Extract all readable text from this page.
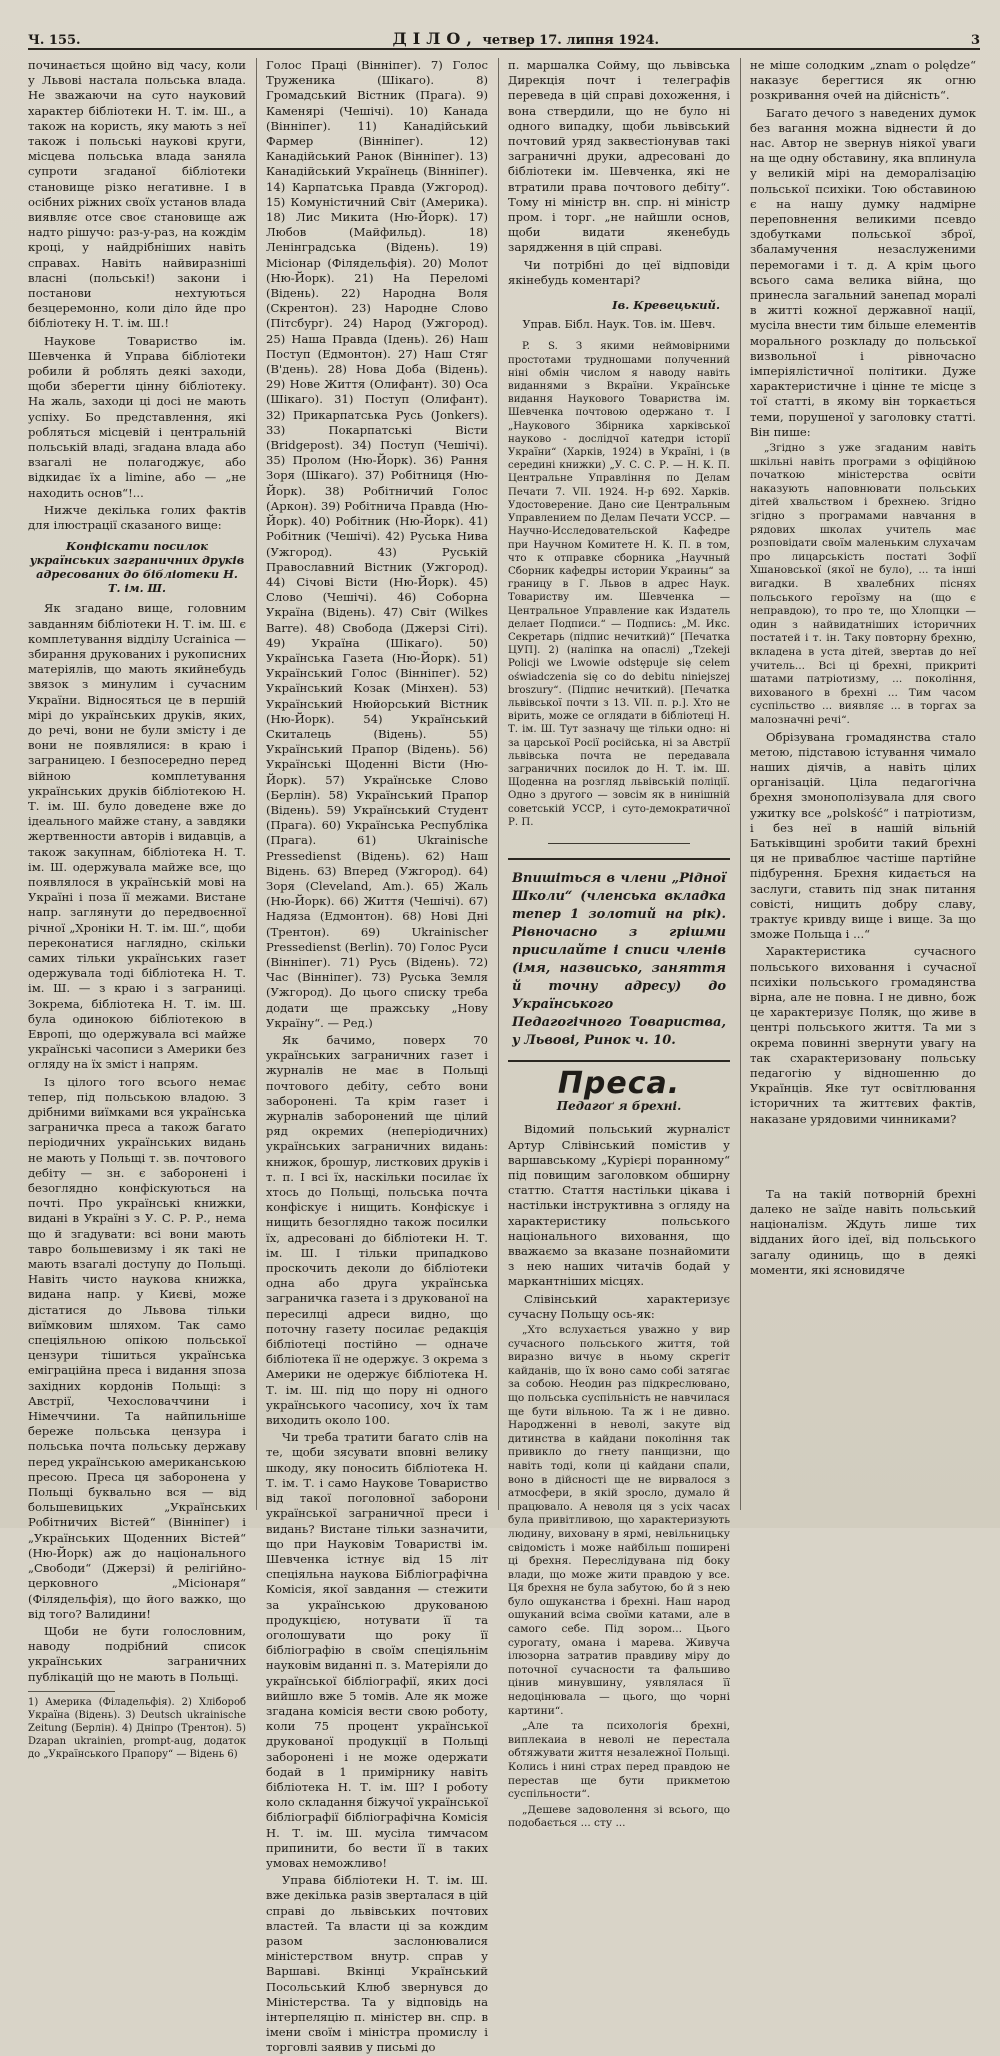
Ч. 155.	ДІЛО, четвер 17. липня 1924.	3

починається щойно від часу, коли у Львові настала польська влада. Не зважаючи на суто науковий характер бібліотеки Н. Т. ім. Ш., а також на користь, яку мають з неї також і польські наукові круги, місцева польська влада заняла супроти згаданої бібліотеки становище різко негативне. І в осібних ріжних своїх установ влада виявляє отсе своє становище аж надто рішучо: раз-у-раз, на кождім кроці, у найдрібніших навіть справах. Навіть найвиразніші власні (польські!) закони і постанови нехтуються безцеремонно, коли ділo йде про бібліотеку Н. Т. ім. Ш.!

Наукове Товариство ім. Шевченка й Управа бібліотеки робили й роблять деякі заходи, щоби зберегти цінну бібліотеку. На жаль, заходи ці досі не мають успіху. Бо представлення, які робляться місцевій і центральній польській владі, згадана влада або взагалі не полагоджує, або відкидає їх a limine, або — „не находить основ“!...

Нижче декілька голих фактів для ілюстрації сказаного вище:

Конфіскати посилок українських заграничних друків адресованих до бібліотеки Н. Т. ім. Ш.

Як згадано вище, головним завданням бібліотеки Н. Т. ім. Ш. є комплетування відділу Ucrainica — збирання друкованих і рукописних матеріялів, що мають якийнебудь звязок з минулим і сучасним України. Відносяться це в першій мірі до українських друків, яких, до речі, вони не були змісту і де вони не появлялися: в краю і заграницею. І безпосередно перед війною комплетування українських друків бібліотекою Н. Т. ім. Ш. було доведене вже до ідеального майже стану, а завдяки жертвенности авторів і видавців, а також закупнам, бібліотека Н. Т. ім. Ш. одержувала майже все, що появлялося в українській мові на Україні і поза її межами. Вистане напр. заглянути до передвоєнної річної „Хроніки Н. Т. ім. Ш.“, щоби переконатися наглядно, скільки самих тільки українських газет одержувала тоді бібліотека Н. Т. ім. Ш. — з краю і з заграниці. Зокрема, бібліотека Н. Т. ім. Ш. була одинокою бібліотекою в Европі, що одержувала всі майже українські часописи з Америки без огляду на їх зміст і напрям.

Із цілого того всього немає тепер, під польською владою. З дрібними виїмками вся українська заграничка преса а також багато періодичних українських видань не мають у Польщі т. зв. почтового дебіту — зн. є заборонені і безоглядно конфіскуються на почті. Про українські книжки, видані в Україні з У. С. Р. Р., нема що й згадувати: всі вони мають тавро большевизму і як такі не мають взагалі доступу до Польщі. Навіть чисто наукова книжка, видана напр. у Києві, може дістатися до Львова тільки виїмковим шляхом. Так само спеціяльною опікою польської цензури тішиться українська еміграційна преса і видання зпоза західних кордонів Польщі: з Австрії, Чехословаччини і Німеччини. Та найпильніше береже польська цензура і польська почта польську державу перед українською американською пресою. Преса ця заборонена у Польщі буквально вся — від большевицьких „Українських Робітничих Вістей“ (Вінніпег) і „Українських Щоденних Вістей“ (Ню-Йорк) аж до національного „Свободи“ (Джерзі) й релігійно-церковного „Місіонаря“ (Філядельфія), що його важко, що від того? Валидини!

Щоби не бути голословним, наводу подрібний список українських заграничних публікацій що не мають в Польщі.

1) Америка (Філадельфія). 2) Хлібороб Україна (Відень). 3) Deutsch ukrainische Zeitung (Берлін). 4) Дніпро (Трентон). 5) Dzapan ukrainien, prompt-aug, додаток до „Українського Прапору“ — Відень 6)

Голос Праці (Вінніпег). 7) Голос Труженика (Шікаго). 8) Громадський Вістник (Прага). 9) Каменярі (Чешічі). 10) Канада (Вінніпег). 11) Канадійський Фармер (Вінніпег). 12) Канадійський Ранок (Вінніпег). 13) Канадійський Українець (Вінніпег). 14) Карпатська Правда (Ужгород). 15) Комуністичний Світ (Америка). 18) Лис Микита (Ню-Йорк). 17) Любов (Майфильд). 18) Ленінградська (Відень). 19) Місіонар (Філядельфія). 20) Молот (Ню-Йорк). 21) На Переломі (Відень). 22) Народна Воля (Скрентон). 23) Народне Слово (Пітсбург). 24) Народ (Ужгород). 25) Наша Правда (Ідень). 26) Наш Поступ (Едмонтон). 27) Наш Стяг (В'день). 28) Нова Доба (Відень). 29) Нове Життя (Олифант). 30) Оса (Шікаго). 31) Поступ (Олифант). 32) Прикарпатська Русь (Jonkers). 33) Покарпатські Вісти (Bridgepost). 34) Поступ (Чешічі). 35) Пролом (Ню-Йорк). 36) Рання Зоря (Шікаго). 37) Робітниця (Ню-Йорк). 38) Робітничий Голос (Аркон). 39) Робітнича Правда (Ню-Йорк). 40) Робітник (Ню-Йорк). 41) Робітник (Чешічі). 42) Руська Нива (Ужгород). 43) Руській Православний Вістник (Ужгород). 44) Січові Вісти (Ню-Йорк). 45) Слово (Чешічі). 46) Соборна Україна (Відень). 47) Світ (Wilkes Barre). 48) Свобода (Джерзі Сіті). 49) Україна (Шікаго). 50) Українська Газета (Ню-Йорк). 51) Український Голос (Вінніпег). 52) Український Козак (Мінхен). 53) Український Нюйорський Вістник (Ню-Йорк). 54) Український Скиталець (Відень). 55) Український Прапор (Відень). 56) Українські Щоденні Вісти (Ню-Йорк). 57) Українське Слово (Берлін). 58) Український Прапор (Відень). 59) Український Студент (Прага). 60) Українська Республіка (Прага). 61) Ukrainische Pressedienst (Відень). 62) Наш Відень. 63) Вперед (Ужгород). 64) Зоря (Cleveland, Am.). 65) Жаль (Ню-Йорк). 66) Життя (Чешічі). 67) Надяза (Едмонтон). 68) Нові Дні (Трентон). 69) Ukrainischer Pressedienst (Berlin). 70) Голос Руси (Вінніпег). 71) Русь (Відень). 72) Час (Вінніпег). 73) Руська Земля (Ужгород). До цього списку треба додати ще пражську „Нову Україну“. — Ред.)

Як бачимо, поверх 70 українських заграничних газет і журналів не має в Польщі почтового дебіту, себто вони заборонені. Та крім газет і журналів заборонений ще цілий ряд окремих (неперіодичних) українських заграничних видань: книжок, брошур, листкових друків і т. п. І всі їх, наскільки посилає їх хтось до Польщі, польська почта конфіскує і нищить. Конфіскує і нищить безоглядно також посилки їх, адресовані до бібліотеки Н. Т. ім. Ш. І тільки припадково проскочить деколи до бібліотеки одна або друга українська заграничка газета і з друкованої на пересилці адреси видно, що поточну газету посилає редакція бібліотеці постійно — одначе бібліотека її не одержує. З окрема з Америки не одержує бібліотека Н. Т. ім. Ш. під що пору ні одного українського часопису, хоч їх там виходить около 100.

Чи треба тратити багато слів на те, щоби зясувати вповні велику шкоду, яку поносить бібліотека Н. Т. ім. Т. і само Наукове Товариство від такої поголовної заборони української заграничної преси і видань? Вистане тільки зазначити, що при Науковім Товаристві ім. Шевченка істнує від 15 літ спеціяльна наукова Бібліографічна Комісія, якої завдання — стежити за українською друкованою продукцією, нотувати її та оголошувати що року її бібліографію в своїм спеціяльнім науковім виданні п. з. Матеріяли до української бібліографії, яких досі вийшло вже 5 томів. Але як може згадана комісія вести свою роботу, коли 75 процент української друкованої продукції в Польщі заборонені і не може одержати бодай в 1 примірнику навіть бібліотека Н. Т. ім. Ш? І роботу коло складання біжучої української бібліографії бібліографічна Комісія Н. Т. ім. Ш. мусіла тимчасом припинити, бо вести її в таких умовах неможливо!

Управа бібліотеки Н. Т. ім. Ш. вже декілька разів зверталася в цій справі до львівських почтових властей. Та власти ці за кождим разом заслонювалися міністерством внутр. справ у Варшаві. Вкінці Український Посольський Клюб звернувся до Міністерства. Та у відповідь на інтерпеляцію п. міністер вн. спр. в імени своїм і міністра промислу і торговлі заявив у письмі до

п. маршалка Сойму, що львівська Дирекція почт і телеграфів переведа в цій справі дохоження, і вона ствердили, що не було ні одного випадку, щоби львівський почтовий уряд заквестіонував такі заграничні друки, адресовані до бібліотеки ім. Шевченка, які не втратили права почтового дебіту“. Тому ні міністр вн. спр. ні міністр пром. і торг. „не найшли основ, щоби видати якенебудь зарядження в цій справі.

Чи потрібні до цеї відповіди якінебудь коментарі?

Ів. Кревецький.
Управ. Бібл. Наук. Тов. ім. Шевч.

P. S. З якими неймовірними простотами трудношами полученний ніні обмін числом я наводу навіть виданнями з Вкраїни. Українське видання Наукового Товариства ім. Шевченка почтовою одержано т. І „Наукового Збірника харківської науково - дослідчої катедри історії України“ (Харків, 1924) в Україні, і (в середині книжки) „У. С. С. Р. — Н. К. П. Центральне Управління по Делам Печати 7. VII. 1924. Н-р 692. Харків. Удостоверение. Дано сие Центральным Управлением по Делам Печати УССР. — Научно-Исследовательской Кафедре при Научном Комитете Н. К. П. в том, что к отправке сборника „Научный Сборник кафедры истории Украины“ за границу в Г. Львов в адрес Наук. Товариству им. Шевченка — Центральное Управление как Издатель делает Подписи.“ — Подпись: „М. Икс. Секретарь (підпис нечиткий)“ [Печатка ЦУП]. 2) (наліпка на опаслі) „Tzekeji Policji we Lwowie odstępuje się celem oświadczenia się co do debitu niniejszej broszury“. (Підпис нечиткий). [Печатка львівської почти з 13. VII. п. р.]. Хто не вірить, може се оглядати в бібліотеці Н. Т. ім. Ш. Тут зазначу ще тільки одно: ні за царської Росії російська, ні за Австрії львівська почта не передавала заграничних посилок до Н. Т. ім. Ш. Щоденна на розгляд львівській поліції. Одно з другого — зовсім як в нинішній советській УССР, і суто-демократичної Р. П.

Впишіться в члени „Рідної Школи“ (членська вкладка тепер 1 золотий на рік). Рівночасно з грішми присилайте і списи членів (імя, назвисько, заняття й точну адресу) до Українського Педагогічного Товариства, у Львові, Ринок ч. 10.
Преса.
Педагоґ я брехні.

Відомий польський журналіст Артур Слівінський помістив у варшавському „Курієрі поранному“ під повищим заголовком обширну статтю. Стаття настільки цікава і настільки інструктивна з огляду на характеристику польського національного виховання, що вважаємо за вказане познайомити з нею наших читачів бодай у маркантніших місцях.

Слівінський характеризує сучасну Польщу ось-як:

„Хто вслухається уважно у вир сучасного польського життя, той виразно вичує в ньому скрегіт кайданів, що їх воно само собі затягає за собою. Неодин раз підкреслювано, що польська суспільність не навчилася ще бути вільною. Та ж і не дивно. Народженні в неволі, закуте від дитинства в кайдани покоління так привикло до гнету панщизни, що навіть тоді, коли ці кайдани спали, воно в дійсності ще не вирвалося з атмосфери, в якій зросло, думало й працювало. А неволя ця з усіх часах була привітливою, що характеризують людину, виховану в ярмі, невільницьку свідомість і може найбільш поширені ці брехня. Переслідувана під боку влади, що може жити правдою у все. Ця брехня не була забутою, бо й з нею було ошуканства і брехні. Наш народ ошуканий всіма своїми катами, але в самого себе. Під зором... Цього сурогату, омана і марева. Живуча ілюзорна затратив правдиву міру до поточної сучасности та фальшиво цінив минувшину, уявлялася її недоцінювала — цього, що чорні картини“.

„Але та психологія брехні, виплекаиа в неволі не перестала обтяжувати життя незалежної Польщі. Колись і нині страх перед правдою не перестав ще бути прикметою суспільности“.

„Дешеве задоволення зі всього, що подобається ... сту ...

не міше солодким „znam o polędze“ наказує берегтися як огню розкривання очей на дійсність“.

Багато дечого з наведених думок без вагання можна віднести й до нас. Автор не звернув ніякої уваги на ще одну обставину, яка вплинула у великій мірі на деморалізацію польської психіки. Тою обставиною є на нашу думку надмірне переповнення великими псевдо здобутками польської зброї, збаламучення незаслуженими перемогами і т. д. А крім цього всього сама велика війна, що принесла загальний занепад моралі в житті кожної державної нації, мусіла внести тим більше елементів морального розкладу до польської визвольної і рівночасно імперіялістичної політики. Дуже характеристичне і цінне те місце з тої статті, в якому він торкається теми, порушеної у заголовку статті. Він пише:

„Згідно з уже згаданим навіть шкільні навіть програми з офіційною початкою міністерства освіти наказують наповнювати польських дітей хвальством і брехнею. Згідно згідно з програмами навчання в рядових школах учитель має розповідати своїм маленьким слухачам про лицарськість постаті Зофії Хшановської (якої не було), ... та інші вигадки. В хвалебних піснях польського героїзму на (що є неправдою), то про те, що Хлопцки — один з найвидатніших історичних постатей і т. ін. Таку повторну брехню, вкладена в уста дітей, звертав до неї учитель... Всі ці брехні, прикриті шатами патріотизму, ... покоління, вихованого в брехні ... Тим часом суспільство ... виявляє ... в торгах за малозначні речі“.

Обрізувана громадянства стало метою, підставою істування чимало наших діячів, а навіть цілих організацій. Ціла педагогічна брехня змонополізувала для свого ужитку все „polskość“ і патріотизм, і без неї в нашій вільній Батьківщині зробити такий брехні ця не приваблює частіше партійне підбурення. Брехня кидається на заслуги, ставить під знак питання совісті, нищить добру славу, трактує кривду вище і вище. За що зможе Польща і ...“

Характеристика сучасного польського виховання і сучасної психіки польського громадянства вірна, але не повна. І не дивно, бож це характеризує Поляк, що живе в центрі польського життя. Та ми з окрема повинні звернути увагу на так схарактеризовану польську педагогію у відношенню до Українців. Яке тут освітлювання історичних та життєвих фактів, наказане урядовими чинниками?

Та на такій потворній брехні далеко не заїде навіть польський націоналізм. Ждуть лише тих відданих його ідеї, від польського загалу одиниць, що в деякі моменти, які ясновидяче
